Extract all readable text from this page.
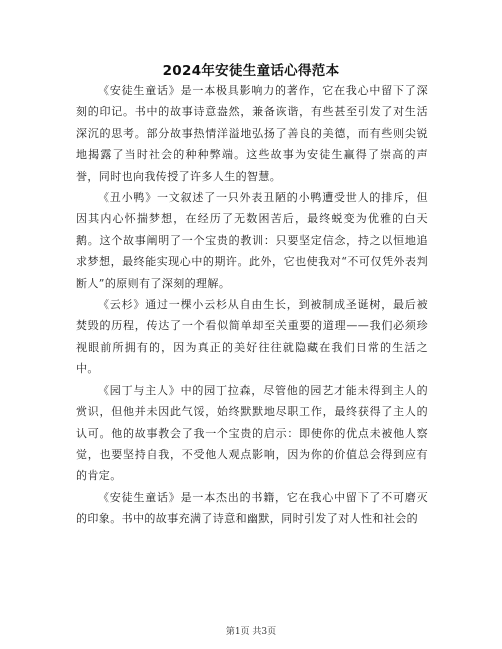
2024年安徒生童话心得范本

《安徒生童话》是一本极具影响力的著作，它在我心中留下了深刻的印记。书中的故事诗意盎然，兼备诙谐，有些甚至引发了对生活深沉的思考。部分故事热情洋溢地弘扬了善良的美德，而有些则尖锐地揭露了当时社会的种种弊端。这些故事为安徒生赢得了崇高的声誉，同时也向我传授了许多人生的智慧。

《丑小鸭》一文叙述了一只外表丑陋的小鸭遭受世人的排斥，但因其内心怀揣梦想，在经历了无数困苦后，最终蜕变为优雅的白天鹅。这个故事阐明了一个宝贵的教训：只要坚定信念，持之以恒地追求梦想，最终能实现心中的期许。此外，它也使我对“不可仅凭外表判断人”的原则有了深刻的理解。

《云杉》通过一棵小云杉从自由生长，到被制成圣诞树，最后被焚毁的历程，传达了一个看似简单却至关重要的道理——我们必须珍视眼前所拥有的，因为真正的美好往往就隐藏在我们日常的生活之中。

《园丁与主人》中的园丁拉森，尽管他的园艺才能未得到主人的赏识，但他并未因此气馁，始终默默地尽职工作，最终获得了主人的认可。他的故事教会了我一个宝贵的启示：即使你的优点未被他人察觉，也要坚持自我，不受他人观点影响，因为你的价值总会得到应有的肯定。

《安徒生童话》是一本杰出的书籍，它在我心中留下了不可磨灭的印象。书中的故事充满了诗意和幽默，同时引发了对人性和社会的

第1页 共3页
